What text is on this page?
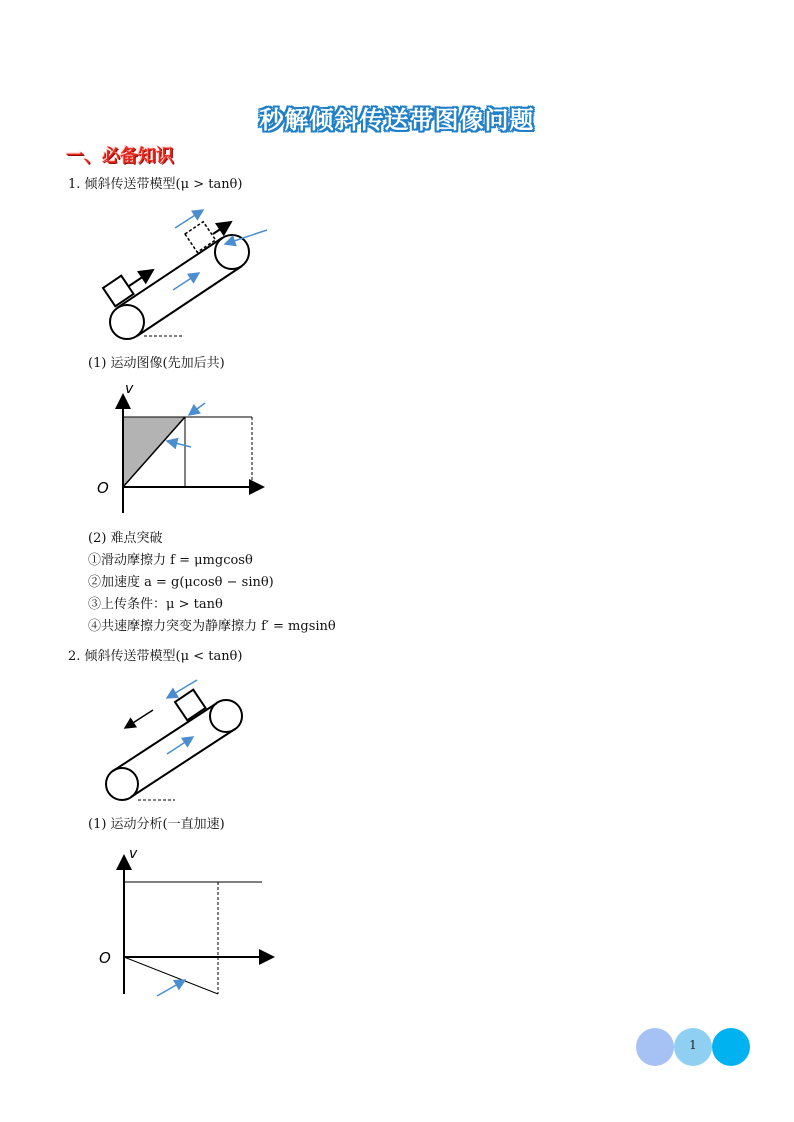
秒解倾斜传送带图像问题
一、必备知识
1. 倾斜传送带模型(μ > tanθ)
(1) 运动图像(先加后共)
v
O
(2) 难点突破
①滑动摩擦力 f = μmgcosθ
②加速度 a = g(μcosθ − sinθ)
③上传条件：μ > tanθ
④共速摩擦力突变为静摩擦力 f′ = mgsinθ
2. 倾斜传送带模型(μ < tanθ)
(1) 运动分析(一直加速)
v
O
1
